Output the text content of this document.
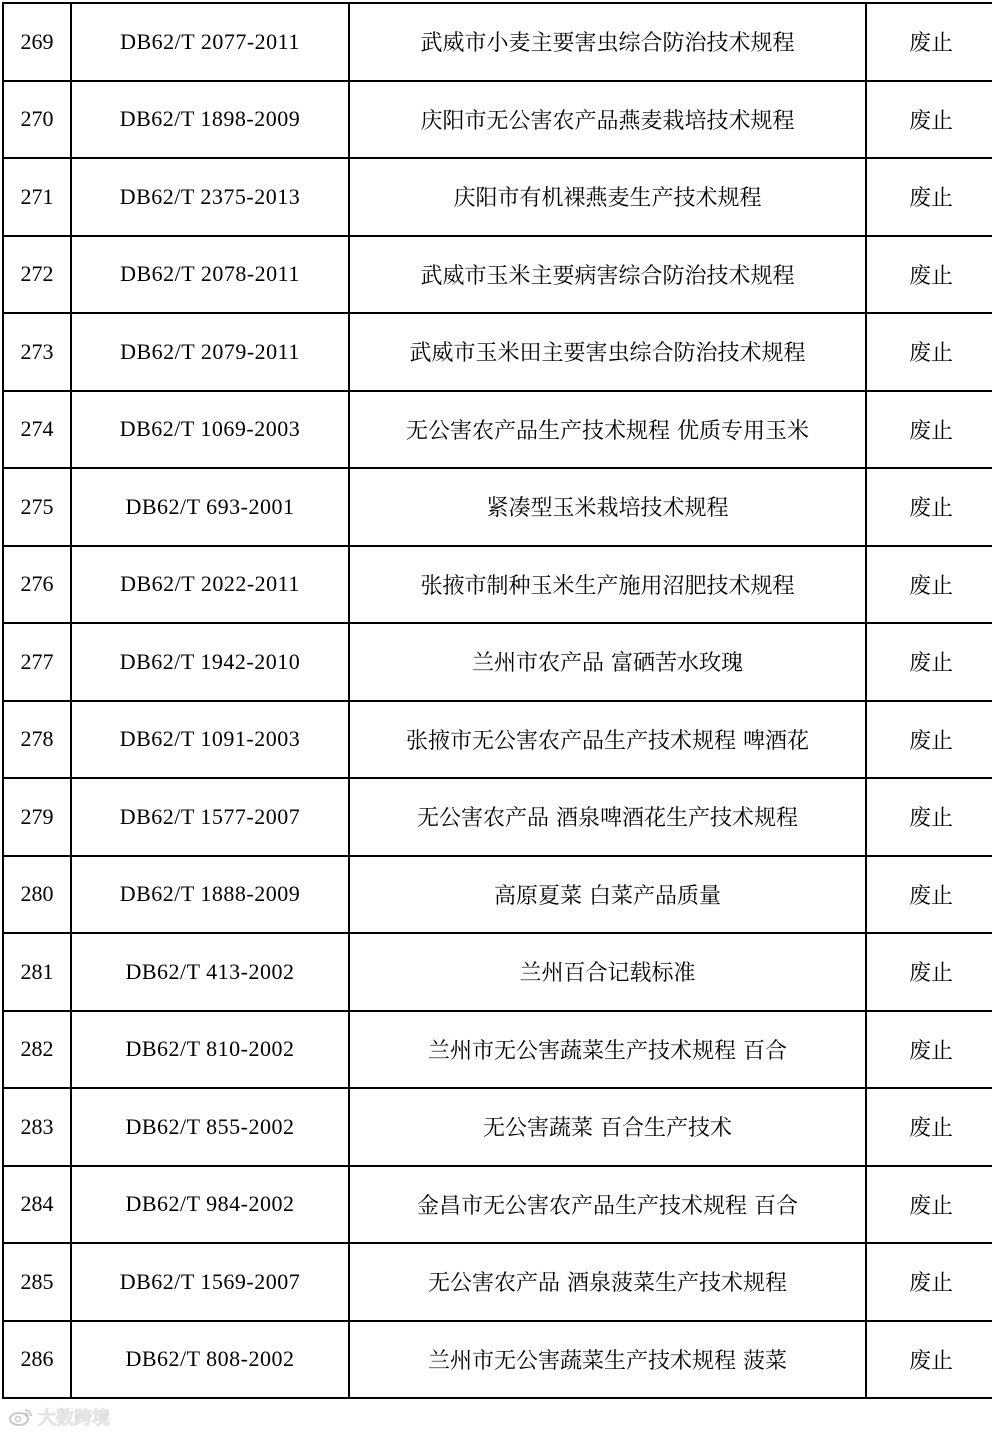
269	DB62/T 2077-2011	武威市小麦主要害虫综合防治技术规程	废止
270	DB62/T 1898-2009	庆阳市无公害农产品燕麦栽培技术规程	废止
271	DB62/T 2375-2013	庆阳市有机裸燕麦生产技术规程	废止
272	DB62/T 2078-2011	武威市玉米主要病害综合防治技术规程	废止
273	DB62/T 2079-2011	武威市玉米田主要害虫综合防治技术规程	废止
274	DB62/T 1069-2003	无公害农产品生产技术规程 优质专用玉米	废止
275	DB62/T 693-2001	紧凑型玉米栽培技术规程	废止
276	DB62/T 2022-2011	张掖市制种玉米生产施用沼肥技术规程	废止
277	DB62/T 1942-2010	兰州市农产品 富硒苦水玫瑰	废止
278	DB62/T 1091-2003	张掖市无公害农产品生产技术规程 啤酒花	废止
279	DB62/T 1577-2007	无公害农产品 酒泉啤酒花生产技术规程	废止
280	DB62/T 1888-2009	高原夏菜 白菜产品质量	废止
281	DB62/T 413-2002	兰州百合记载标准	废止
282	DB62/T 810-2002	兰州市无公害蔬菜生产技术规程 百合	废止
283	DB62/T 855-2002	无公害蔬菜 百合生产技术	废止
284	DB62/T 984-2002	金昌市无公害农产品生产技术规程 百合	废止
285	DB62/T 1569-2007	无公害农产品 酒泉菠菜生产技术规程	废止
286	DB62/T 808-2002	兰州市无公害蔬菜生产技术规程 菠菜	废止
大数跨境
